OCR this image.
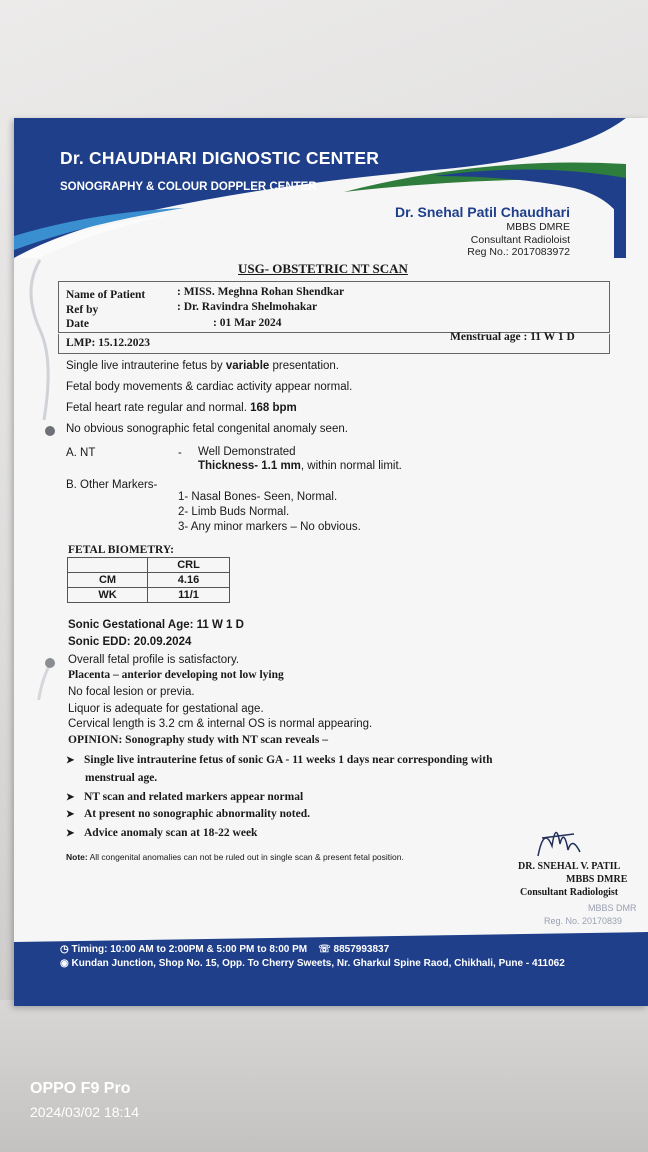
Dr. CHAUDHARI DIGNOSTIC CENTER
SONOGRAPHY & COLOUR DOPPLER CENTER
Dr. Snehal Patil Chaudhari
MBBS DMRE
Consultant Radioloist
Reg No.: 2017083972
USG- OBSTETRIC NT SCAN
Name of Patient	: MISS. Meghna Rohan Shendkar
Ref by	: Dr. Ravindra Shelmohakar
Date	: 01 Mar 2024
LMP: 15.12.2023	Menstrual age : 11 W 1 D
Single live intrauterine fetus by variable presentation.
Fetal body movements & cardiac activity appear normal.
Fetal heart rate regular and normal. 168 bpm
No obvious sonographic fetal congenital anomaly seen.
A. NT	- Well Demonstrated
Thickness- 1.1 mm, within normal limit.
B. Other Markers-
1- Nasal Bones- Seen, Normal.
2- Limb Buds Normal.
3- Any minor markers – No obvious.
FETAL BIOMETRY:
	CRL
CM	4.16
WK	11/1
Sonic Gestational Age: 11 W 1 D
Sonic EDD: 20.09.2024
Overall fetal profile is satisfactory.
Placenta – anterior developing not low lying
No focal lesion or previa.
Liquor is adequate for gestational age.
Cervical length is 3.2 cm & internal OS is normal appearing.
OPINION: Sonography study with NT scan reveals –
➤ Single live intrauterine fetus of sonic GA - 11 weeks 1 days near corresponding with
menstrual age.
➤ NT scan and related markers appear normal
➤ At present no sonographic abnormality noted.
➤ Advice anomaly scan at 18-22 week
Note: All congenital anomalies can not be ruled out in single scan & present fetal position.
MBBS DMR
Reg. No. 20170839
DR. SNEHAL V. PATIL
MBBS DMRE
Consultant Radiologist
◷ Timing: 10:00 AM to 2:00PM & 5:00 PM to 8:00 PM ☏ 8857993837
◉ Kundan Junction, Shop No. 15, Opp. To Cherry Sweets, Nr. Gharkul Spine Raod, Chikhali, Pune - 411062
OPPO F9 Pro
2024/03/02 18:14
